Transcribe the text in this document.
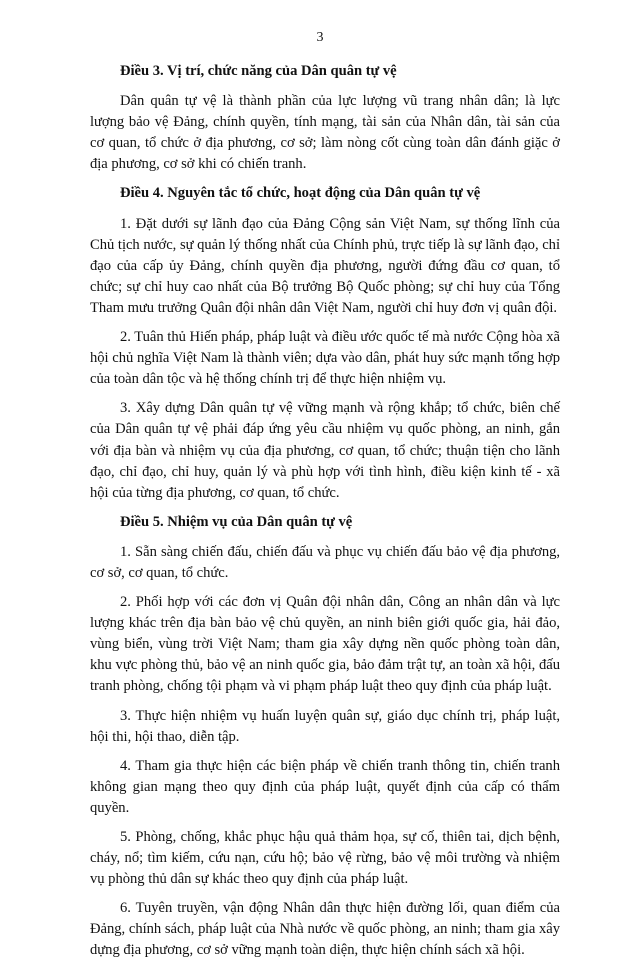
3
Điều 3. Vị trí, chức năng của Dân quân tự vệ
Dân quân tự vệ là thành phần của lực lượng vũ trang nhân dân; là lực lượng bảo vệ Đảng, chính quyền, tính mạng, tài sản của Nhân dân, tài sản của cơ quan, tổ chức ở địa phương, cơ sở; làm nòng cốt cùng toàn dân đánh giặc ở địa phương, cơ sở khi có chiến tranh.
Điều 4. Nguyên tắc tổ chức, hoạt động của Dân quân tự vệ
1. Đặt dưới sự lãnh đạo của Đảng Cộng sản Việt Nam, sự thống lĩnh của Chủ tịch nước, sự quản lý thống nhất của Chính phủ, trực tiếp là sự lãnh đạo, chỉ đạo của cấp ủy Đảng, chính quyền địa phương, người đứng đầu cơ quan, tổ chức; sự chỉ huy cao nhất của Bộ trưởng Bộ Quốc phòng; sự chỉ huy của Tổng Tham mưu trưởng Quân đội nhân dân Việt Nam, người chỉ huy đơn vị quân đội.
2. Tuân thủ Hiến pháp, pháp luật và điều ước quốc tế mà nước Cộng hòa xã hội chủ nghĩa Việt Nam là thành viên; dựa vào dân, phát huy sức mạnh tổng hợp của toàn dân tộc và hệ thống chính trị để thực hiện nhiệm vụ.
3. Xây dựng Dân quân tự vệ vững mạnh và rộng khắp; tổ chức, biên chế của Dân quân tự vệ phải đáp ứng yêu cầu nhiệm vụ quốc phòng, an ninh, gắn với địa bàn và nhiệm vụ của địa phương, cơ quan, tổ chức; thuận tiện cho lãnh đạo, chỉ đạo, chỉ huy, quản lý và phù hợp với tình hình, điều kiện kinh tế - xã hội của từng địa phương, cơ quan, tổ chức.
Điều 5. Nhiệm vụ của Dân quân tự vệ
1. Sẵn sàng chiến đấu, chiến đấu và phục vụ chiến đấu bảo vệ địa phương, cơ sở, cơ quan, tổ chức.
2. Phối hợp với các đơn vị Quân đội nhân dân, Công an nhân dân và lực lượng khác trên địa bàn bảo vệ chủ quyền, an ninh biên giới quốc gia, hải đảo, vùng biển, vùng trời Việt Nam; tham gia xây dựng nền quốc phòng toàn dân, khu vực phòng thủ, bảo vệ an ninh quốc gia, bảo đảm trật tự, an toàn xã hội, đấu tranh phòng, chống tội phạm và vi phạm pháp luật theo quy định của pháp luật.
3. Thực hiện nhiệm vụ huấn luyện quân sự, giáo dục chính trị, pháp luật, hội thi, hội thao, diễn tập.
4. Tham gia thực hiện các biện pháp về chiến tranh thông tin, chiến tranh không gian mạng theo quy định của pháp luật, quyết định của cấp có thẩm quyền.
5. Phòng, chống, khắc phục hậu quả thảm họa, sự cố, thiên tai, dịch bệnh, cháy, nổ; tìm kiếm, cứu nạn, cứu hộ; bảo vệ rừng, bảo vệ môi trường và nhiệm vụ phòng thủ dân sự khác theo quy định của pháp luật.
6. Tuyên truyền, vận động Nhân dân thực hiện đường lối, quan điểm của Đảng, chính sách, pháp luật của Nhà nước về quốc phòng, an ninh; tham gia xây dựng địa phương, cơ sở vững mạnh toàn diện, thực hiện chính sách xã hội.
